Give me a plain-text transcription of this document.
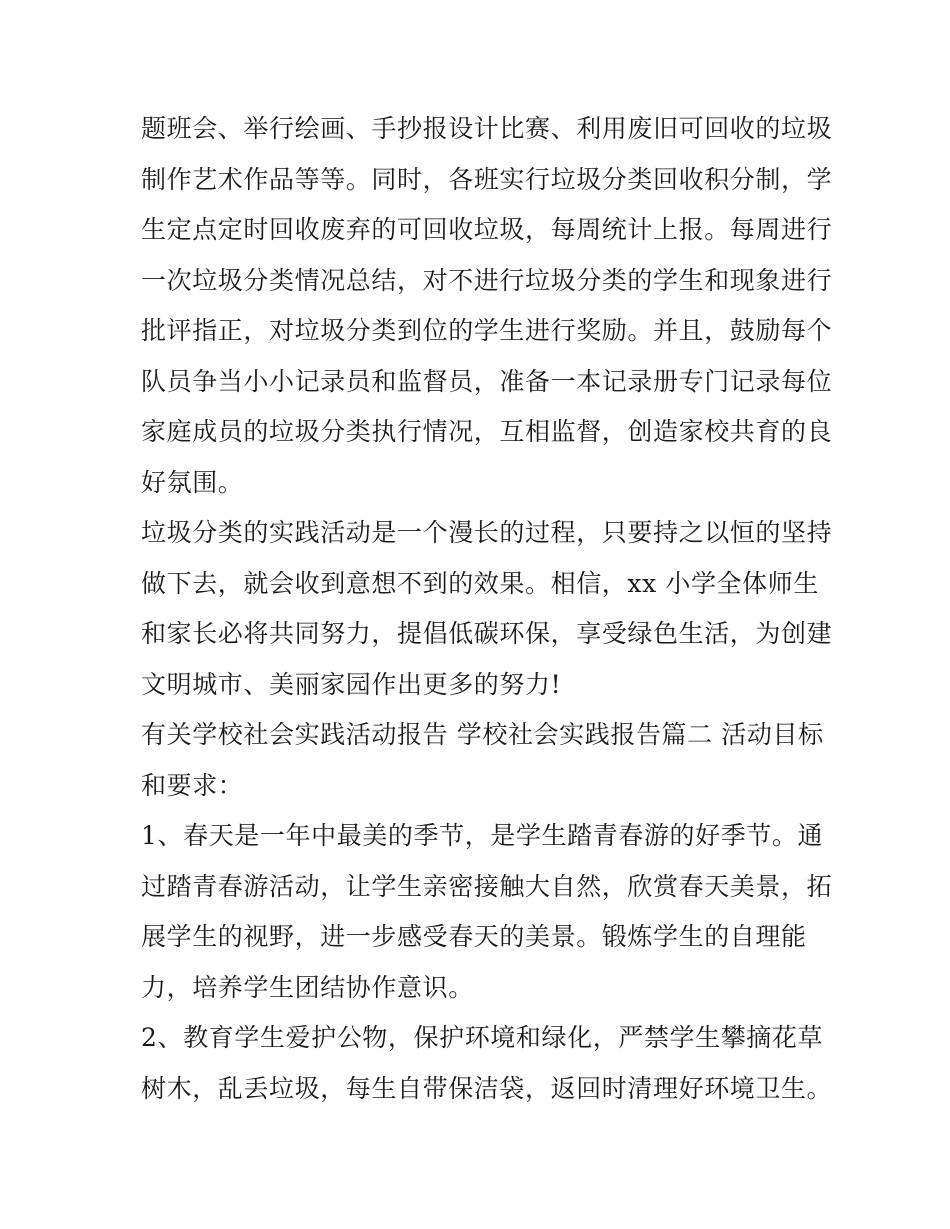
题班会、举行绘画、手抄报设计比赛、利用废旧可回收的垃圾
制作艺术作品等等。同时，各班实行垃圾分类回收积分制，学
生定点定时回收废弃的可回收垃圾，每周统计上报。每周进行
一次垃圾分类情况总结，对不进行垃圾分类的学生和现象进行
批评指正，对垃圾分类到位的学生进行奖励。并且，鼓励每个
队员争当小小记录员和监督员，准备一本记录册专门记录每位
家庭成员的垃圾分类执行情况，互相监督，创造家校共育的良
好氛围。
垃圾分类的实践活动是一个漫长的过程，只要持之以恒的坚持
做下去，就会收到意想不到的效果。相信，xx 小学全体师生
和家长必将共同努力，提倡低碳环保，享受绿色生活，为创建
文明城市、美丽家园作出更多的努力!
有关学校社会实践活动报告 学校社会实践报告篇二 活动目标
和要求：
1、春天是一年中最美的季节，是学生踏青春游的好季节。通
过踏青春游活动，让学生亲密接触大自然，欣赏春天美景，拓
展学生的视野，进一步感受春天的美景。锻炼学生的自理能
力，培养学生团结协作意识。
2、教育学生爱护公物，保护环境和绿化，严禁学生攀摘花草
树木，乱丢垃圾，每生自带保洁袋，返回时清理好环境卫生。
